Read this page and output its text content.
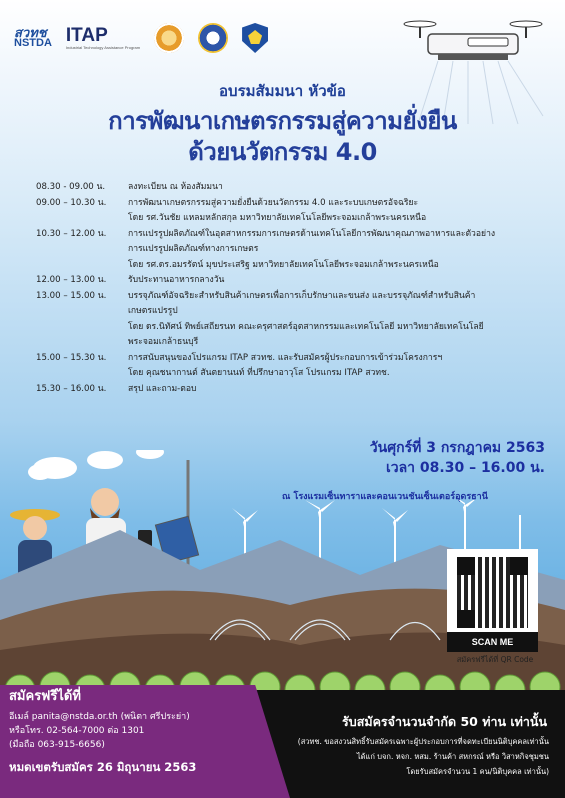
สวทช
NSTDA ITAP
Industrial Technology Assistance Program
อบรมสัมมนา หัวข้อ
การพัฒนาเกษตรกรรมสู่ความยั่งยืน
ด้วยนวัตกรรม 4.0
08.30 - 09.00 น.	ลงทะเบียน ณ ห้องสัมมนา
09.00 – 10.30 น.	การพัฒนาเกษตรกรรมสู่ความยั่งยืนด้วยนวัตกรรม 4.0 และระบบเกษตรอัจฉริยะ
โดย รศ.วันชัย แหลมหลักสกุล มหาวิทยาลัยเทคโนโลยีพระจอมเกล้าพระนครเหนือ
10.30 – 12.00 น.	การแปรรูปผลิตภัณฑ์ในอุตสาหกรรมการเกษตรด้านเทคโนโลยีการพัฒนาคุณภาพอาหารและตัวอย่าง
การแปรรูปผลิตภัณฑ์ทางการเกษตร
โดย รศ.ดร.อมรรัตน์ มุขประเสริฐ มหาวิทยาลัยเทคโนโลยีพระจอมเกล้าพระนครเหนือ
12.00 – 13.00 น.	รับประทานอาหารกลางวัน
13.00 – 15.00 น.	บรรจุภัณฑ์อัจฉริยะสำหรับสินค้าเกษตรเพื่อการเก็บรักษาและขนส่ง และบรรจุภัณฑ์สำหรับสินค้า
เกษตรแปรรูป
โดย ดร.นิทัศน์ ทิพย์เสถียรนท คณะครุศาสตร์อุตสาหกรรมและเทคโนโลยี มหาวิทยาลัยเทคโนโลยี
พระจอมเกล้าธนบุรี
15.00 – 15.30 น.	การสนับสนุนของโปรแกรม ITAP สวทช. และรับสมัครผู้ประกอบการเข้าร่วมโครงการฯ
โดย คุณชนากานต์ สันตยานนท์ ที่ปรึกษาอาวุโส โปรแกรม ITAP สวทช.
15.30 – 16.00 น.	สรุป และถาม-ตอบ
วันศุกร์ที่ 3 กรกฎาคม 2563
เวลา 08.30 – 16.00 น.
ณ โรงแรมเซ็นทาราและคอนเวนชันเซ็นเตอร์อุดรธานี
SCAN ME
สมัครฟรีได้ที่ QR Code
สมัครฟรีได้ที่
อีเมล์ panita@nstda.or.th (พนิตา ศรีประย่า)
หรือโทร. 02-564-7000 ต่อ 1301
(มือถือ 063-915-6656)
หมดเขตรับสมัคร 26 มิถุนายน 2563
รับสมัครจำนวนจำกัด 50 ท่าน เท่านั้น
(สวทช. ขอสงวนสิทธิ์รับสมัครเฉพาะผู้ประกอบการที่จดทะเบียนนิติบุคคลเท่านั้น
ได้แก่ บจก. หจก. หสม. ร้านค้า สหกรณ์ หรือ วิสาหกิจชุมชน
โดยรับสมัครจำนวน 1 คน/นิติบุคคล เท่านั้น)
